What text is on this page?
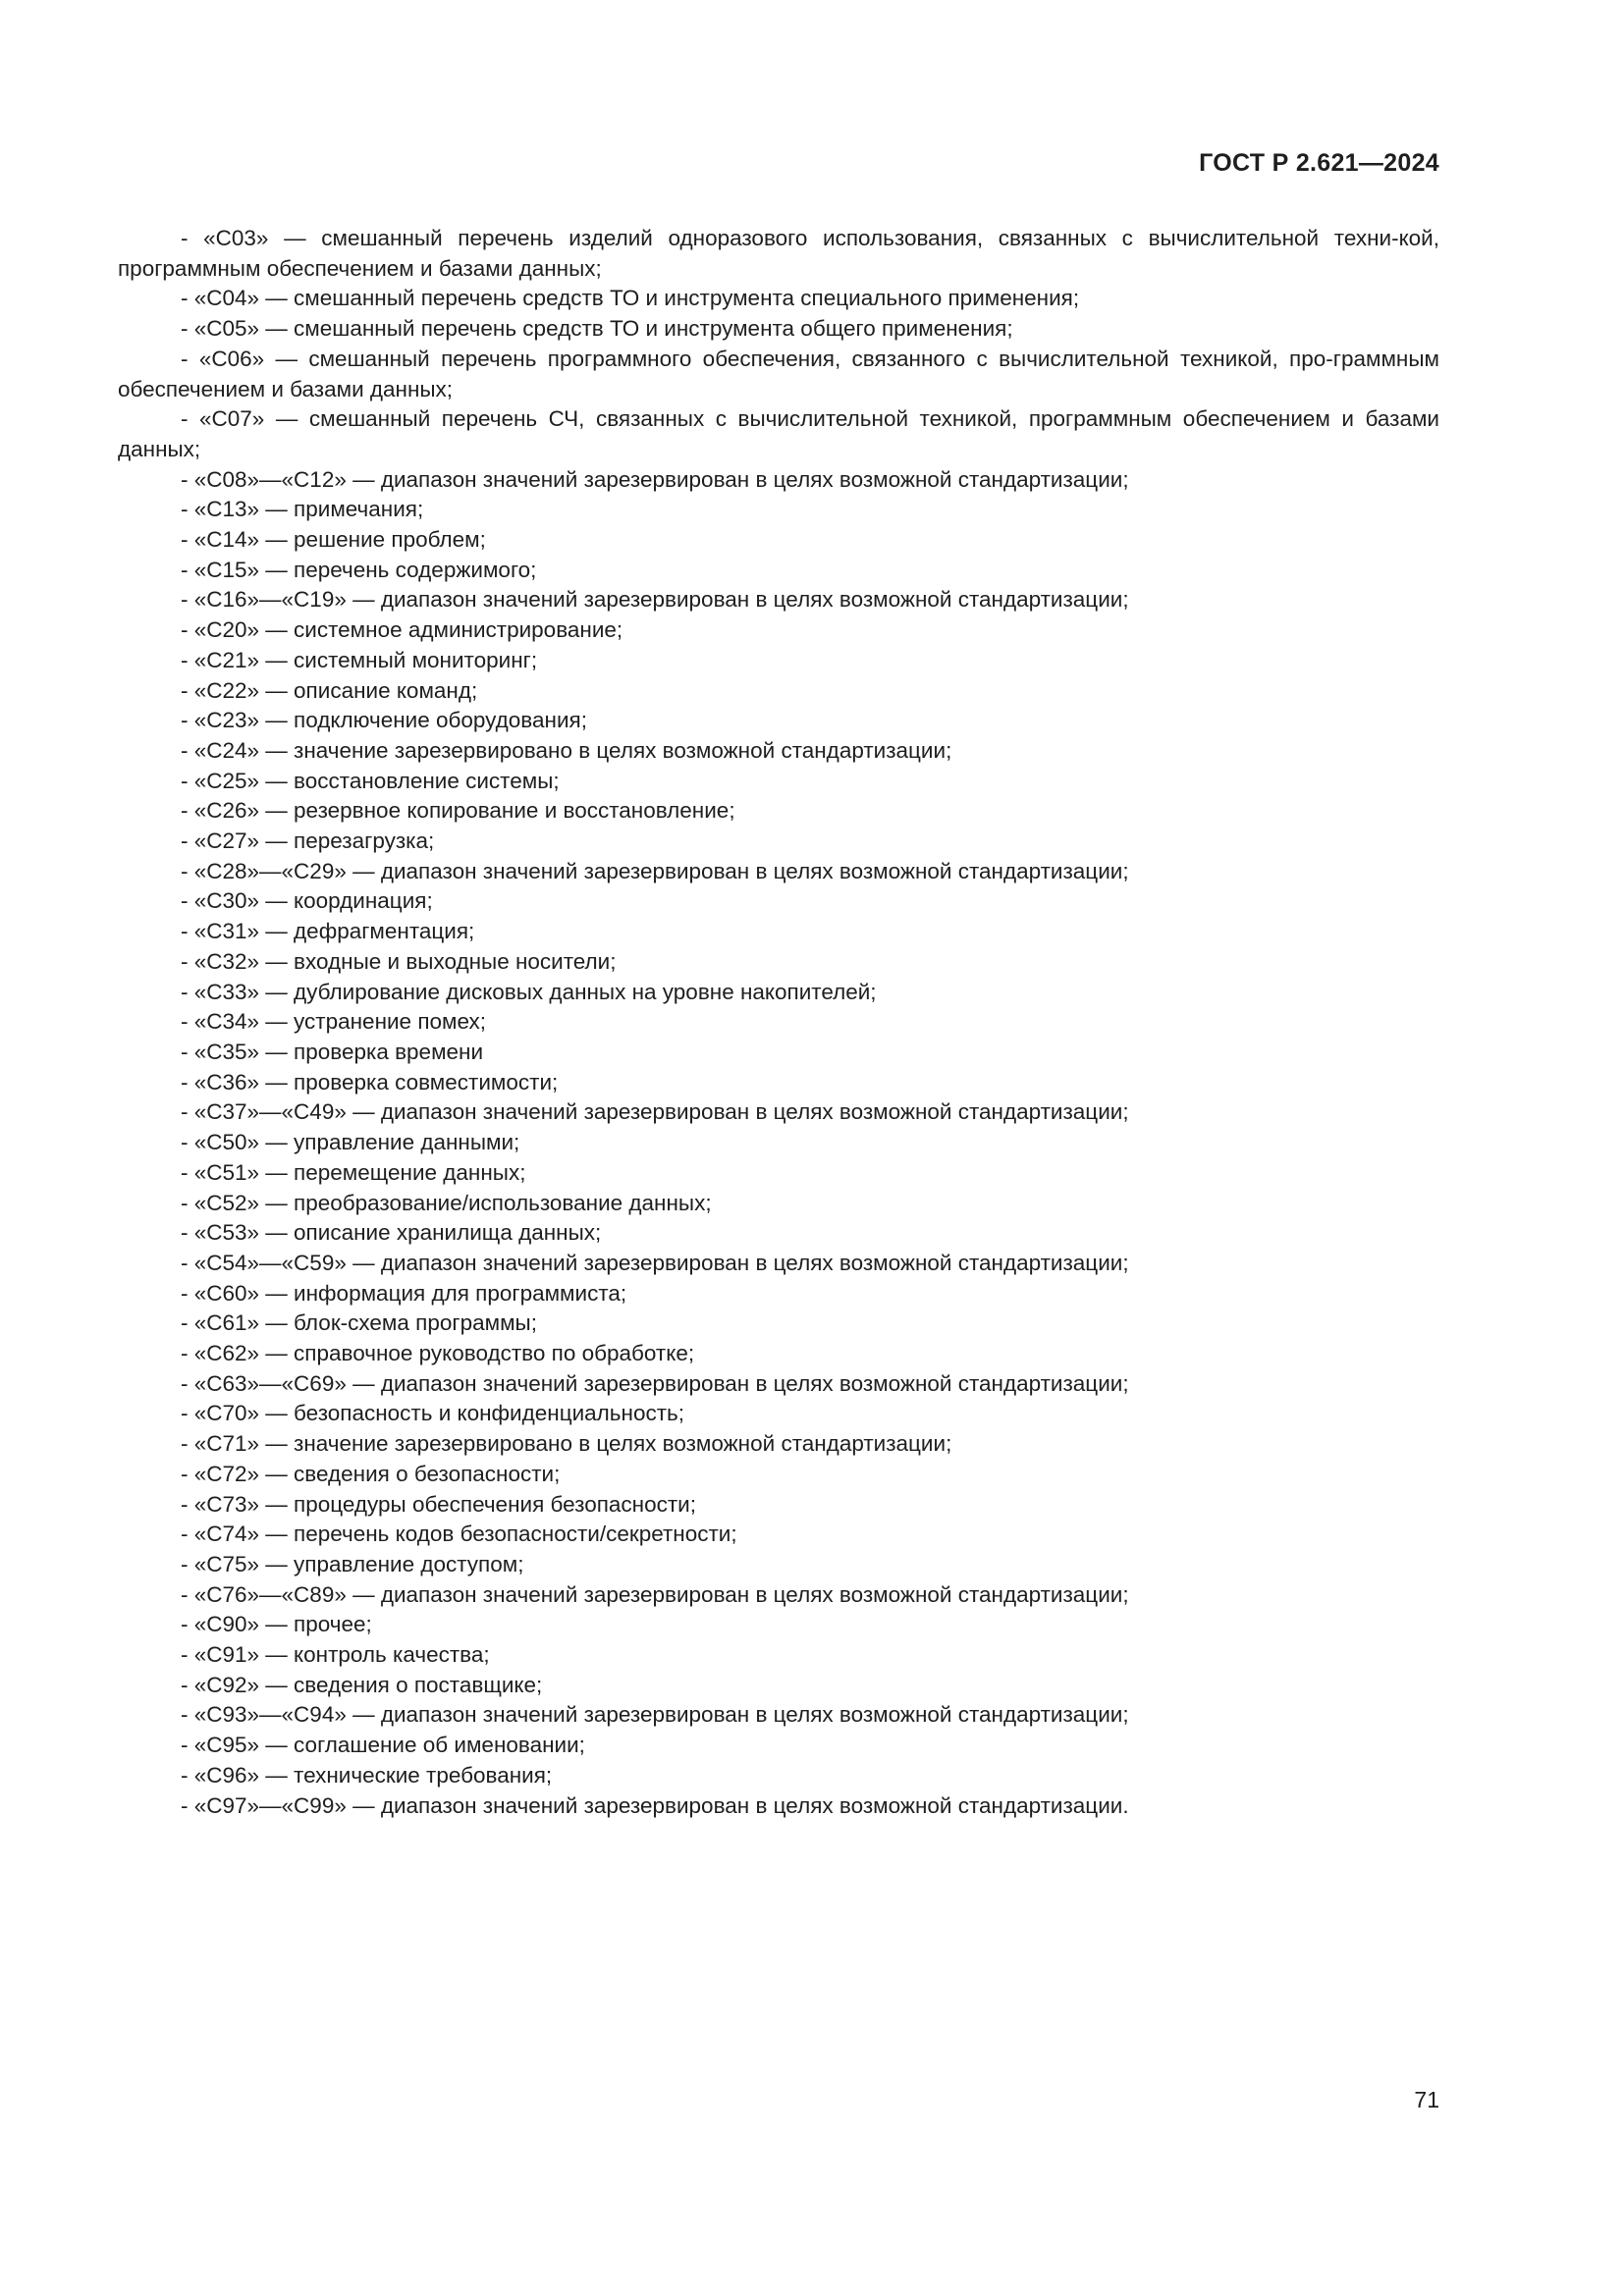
ГОСТ Р 2.621—2024

- «С03» — смешанный перечень изделий одноразового использования, связанных с вычислительной техни-кой, программным обеспечением и базами данных;

- «С04» — смешанный перечень средств ТО и инструмента специального применения;

- «С05» — смешанный перечень средств ТО и инструмента общего применения;

- «С06» — смешанный перечень программного обеспечения, связанного с вычислительной техникой, про-граммным обеспечением и базами данных;

- «С07» — смешанный перечень СЧ, связанных с вычислительной техникой, программным обеспечением и базами данных;

- «С08»—«С12» — диапазон значений зарезервирован в целях возможной стандартизации;

- «С13» — примечания;

- «С14» — решение проблем;

- «С15» — перечень содержимого;

- «С16»—«С19» — диапазон значений зарезервирован в целях возможной стандартизации;

- «С20» — системное администрирование;

- «С21» — системный мониторинг;

- «С22» — описание команд;

- «С23» — подключение оборудования;

- «С24» — значение зарезервировано в целях возможной стандартизации;

- «С25» — восстановление системы;

- «С26» — резервное копирование и восстановление;

- «С27» — перезагрузка;

- «С28»—«С29» — диапазон значений зарезервирован в целях возможной стандартизации;

- «С30» — координация;

- «С31» — дефрагментация;

- «С32» — входные и выходные носители;

- «С33» — дублирование дисковых данных на уровне накопителей;

- «С34» — устранение помех;

- «С35» — проверка времени

- «С36» — проверка совместимости;

- «С37»—«С49» — диапазон значений зарезервирован в целях возможной стандартизации;

- «С50» — управление данными;

- «С51» — перемещение данных;

- «С52» — преобразование/использование данных;

- «С53» — описание хранилища данных;

- «С54»—«С59» — диапазон значений зарезервирован в целях возможной стандартизации;

- «С60» — информация для программиста;

- «С61» — блок-схема программы;

- «С62» — справочное руководство по обработке;

- «С63»—«С69» — диапазон значений зарезервирован в целях возможной стандартизации;

- «С70» — безопасность и конфиденциальность;

- «С71» — значение зарезервировано в целях возможной стандартизации;

- «С72» — сведения о безопасности;

- «С73» — процедуры обеспечения безопасности;

- «С74» — перечень кодов безопасности/секретности;

- «С75» — управление доступом;

- «С76»—«С89» — диапазон значений зарезервирован в целях возможной стандартизации;

- «С90» — прочее;

- «С91» — контроль качества;

- «С92» — сведения о поставщике;

- «С93»—«С94» — диапазон значений зарезервирован в целях возможной стандартизации;

- «С95» — соглашение об именовании;

- «С96» — технические требования;

- «С97»—«С99» — диапазон значений зарезервирован в целях возможной стандартизации.

71
